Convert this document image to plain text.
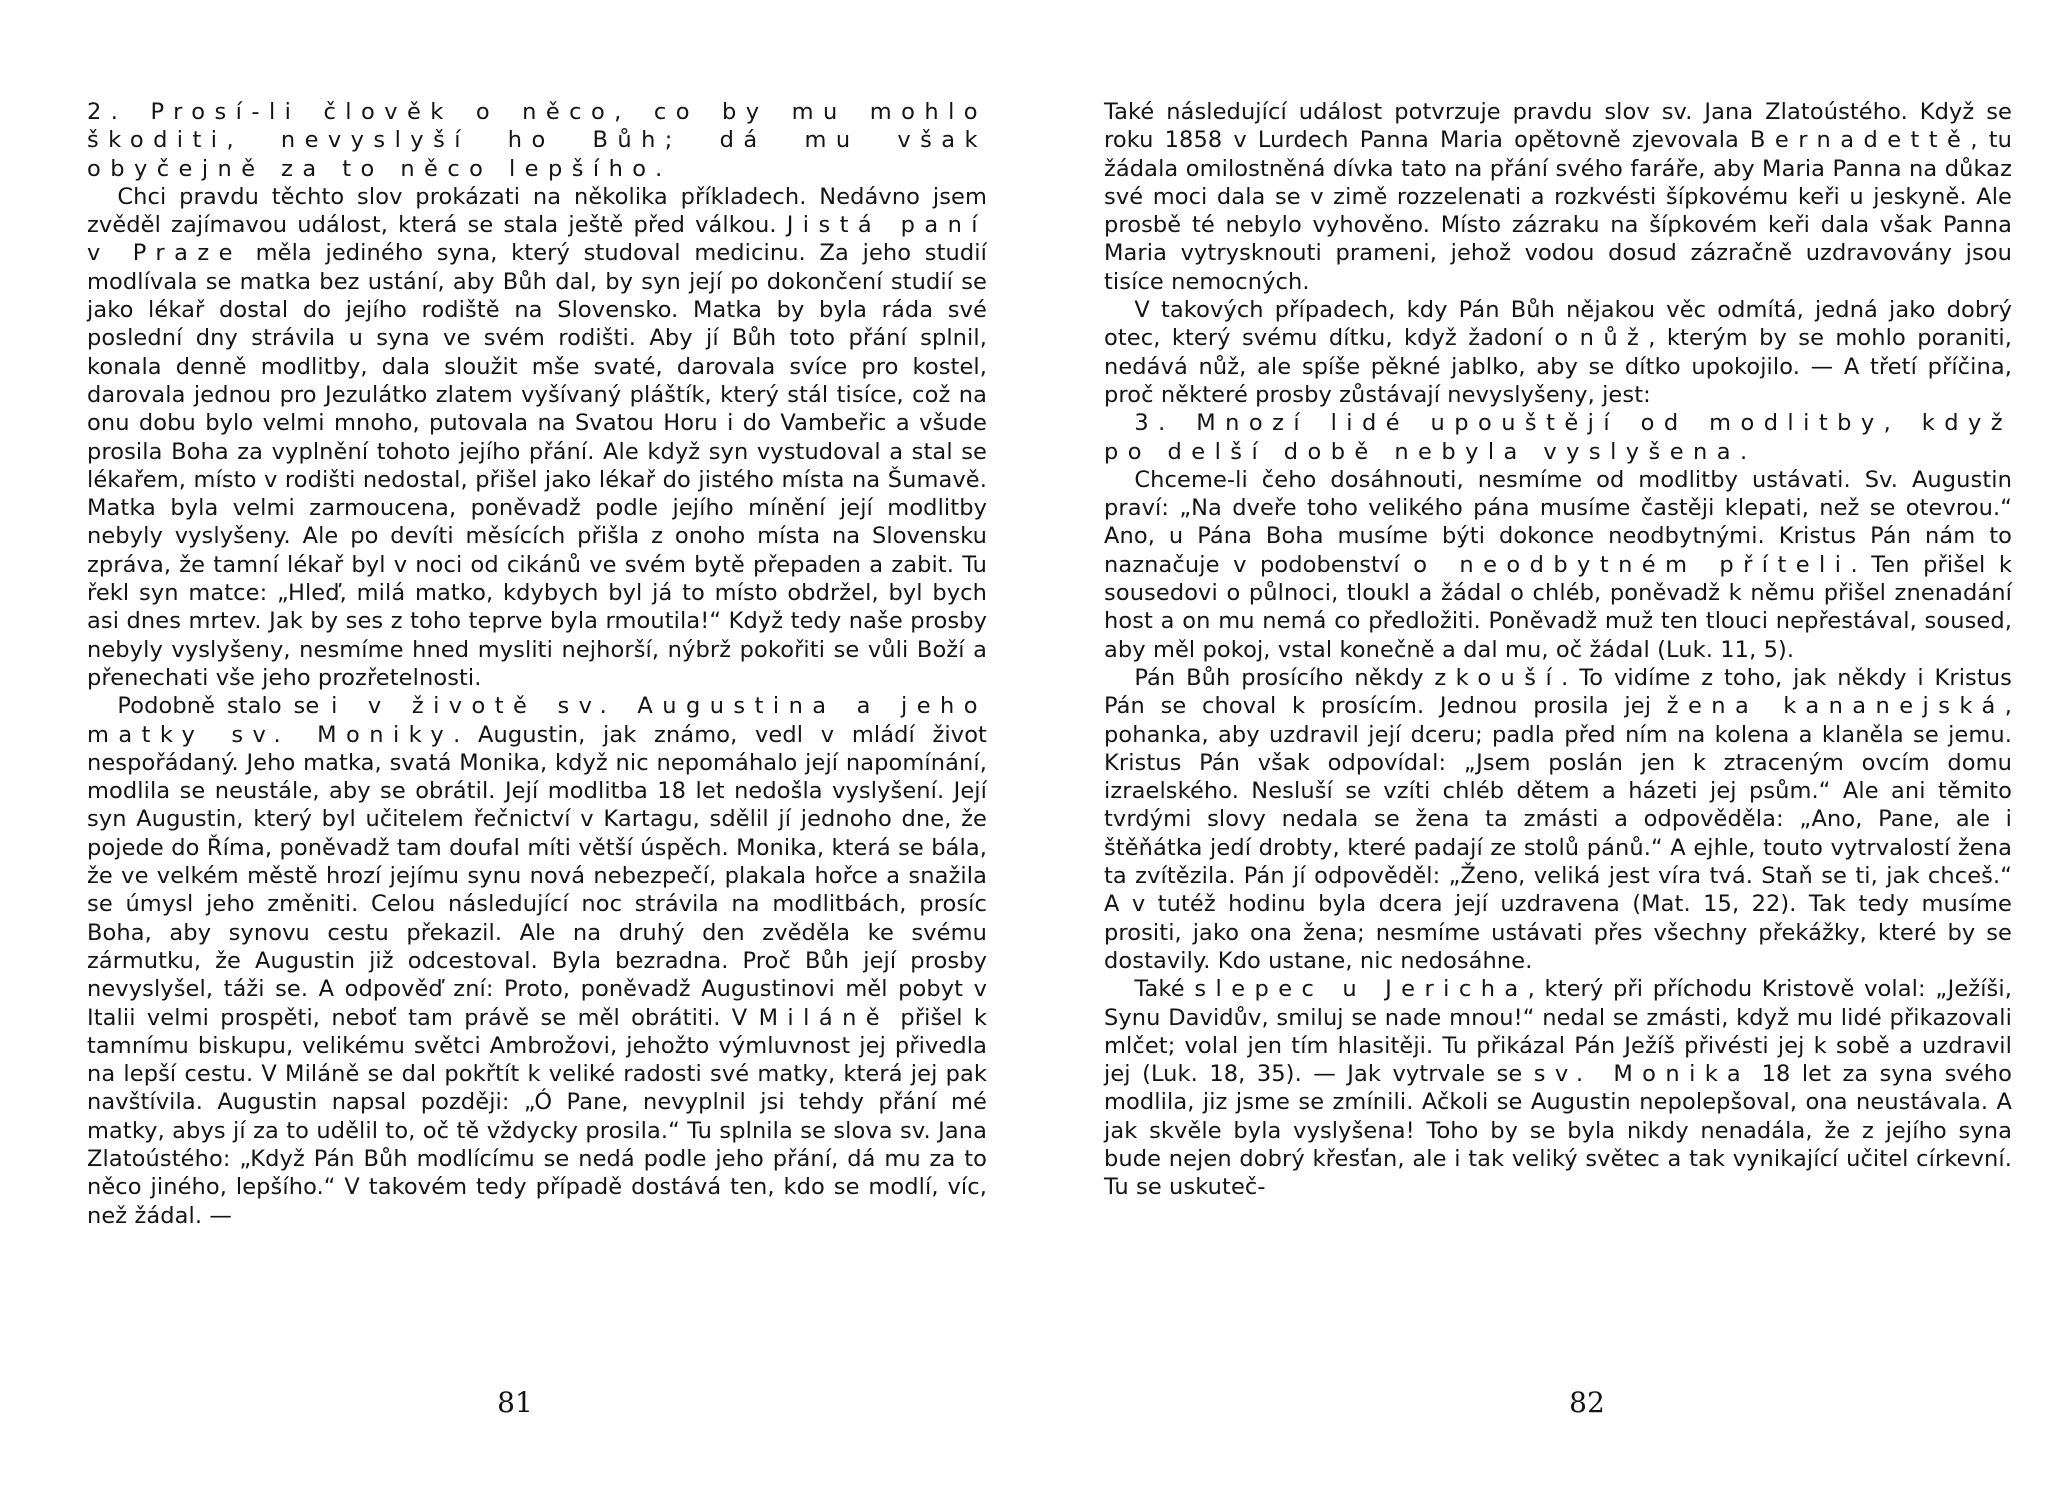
2. Prosí-li člověk o něco, co by mu mohlo škoditi, nevyslyší ho Bůh; dá mu však obyčejně za to něco lepšího.

Chci pravdu těchto slov prokázati na několika příkladech. Nedávno jsem zvěděl zajímavou událost, která se stala ještě před válkou. Jistá paní v Praze měla jediného syna, který studoval medicinu. Za jeho studií modlívala se matka bez ustání, aby Bůh dal, by syn její po dokončení studií se jako lékař dostal do jejího rodiště na Slovensko. Matka by byla ráda své poslední dny strávila u syna ve svém rodišti. Aby jí Bůh toto přání splnil, konala denně modlitby, dala sloužit mše svaté, darovala svíce pro kostel, darovala jednou pro Jezulátko zlatem vyšívaný pláštík, který stál tisíce, což na onu dobu bylo velmi mnoho, putovala na Svatou Horu i do Vambeřic a všude prosila Boha za vyplnění tohoto jejího přání. Ale když syn vystudoval a stal se lékařem, místo v rodišti nedostal, přišel jako lékař do jistého místa na Šumavě. Matka byla velmi zarmoucena, poněvadž podle jejího mínění její modlitby nebyly vyslyšeny. Ale po devíti měsících přišla z onoho místa na Slovensku zpráva, že tamní lékař byl v noci od cikánů ve svém bytě přepaden a zabit. Tu řekl syn matce: „Hleď, milá matko, kdybych byl já to místo obdržel, byl bych asi dnes mrtev. Jak by ses z toho teprve byla rmoutila!“ Když tedy naše prosby nebyly vyslyšeny, nesmíme hned mysliti nejhorší, nýbrž pokořiti se vůli Boží a přenechati vše jeho prozřetelnosti.

Podobně stalo se i v životě sv. Augustina a jeho matky sv. Moniky. Augustin, jak známo, vedl v mládí život nespořádaný. Jeho matka, svatá Monika, když nic nepomáhalo její napomínání, modlila se neustále, aby se obrátil. Její modlitba 18 let nedošla vyslyšení. Její syn Augustin, který byl učitelem řečnictví v Kartagu, sdělil jí jednoho dne, že pojede do Říma, poněvadž tam doufal míti větší úspěch. Monika, která se bála, že ve velkém městě hrozí jejímu synu nová nebezpečí, plakala hořce a snažila se úmysl jeho změniti. Celou následující noc strávila na modlitbách, prosíc Boha, aby synovu cestu překazil. Ale na druhý den zvěděla ke svému zármutku, že Augustin již odcestoval. Byla bezradna. Proč Bůh její prosby nevyslyšel, táži se. A odpověď zní: Proto, poněvadž Augustinovi měl pobyt v Italii velmi prospěti, neboť tam právě se měl obrátiti. V Miláně přišel k tamnímu biskupu, velikému světci Ambrožovi, jehožto výmluvnost jej přivedla na lepší cestu. V Miláně se dal pokřtít k veliké radosti své matky, která jej pak navštívila. Augustin napsal později: „Ó Pane, nevyplnil jsi tehdy přání mé matky, abys jí za to udělil to, oč tě vždycky prosila.“ Tu splnila se slova sv. Jana Zlatoústého: „Když Pán Bůh modlícímu se nedá podle jeho přání, dá mu za to něco jiného, lepšího.“ V takovém tedy případě dostává ten, kdo se modlí, víc, než žádal. —

81

Také následující událost potvrzuje pravdu slov sv. Jana Zlatoústého. Když se roku 1858 v Lurdech Panna Maria opětovně zjevovala Bernadettě, tu žádala omilostněná dívka tato na přání svého faráře, aby Maria Panna na důkaz své moci dala se v zimě rozzelenati a rozkvésti šípkovému keři u jeskyně. Ale prosbě té nebylo vyhověno. Místo zázraku na šípkovém keři dala však Panna Maria vytrysknouti prameni, jehož vodou dosud zázračně uzdravovány jsou tisíce nemocných.

V takových případech, kdy Pán Bůh nějakou věc odmítá, jedná jako dobrý otec, který svému dítku, když žadoní o nůž, kterým by se mohlo poraniti, nedává nůž, ale spíše pěkné jablko, aby se dítko upokojilo. — A třetí příčina, proč některé prosby zůstávají nevyslyšeny, jest:

3. Mnozí lidé upouštějí od modlitby, když po delší době nebyla vyslyšena.

Chceme-li čeho dosáhnouti, nesmíme od modlitby ustávati. Sv. Augustin praví: „Na dveře toho velikého pána musíme častěji klepati, než se otevrou.“ Ano, u Pána Boha musíme býti dokonce neodbytnými. Kristus Pán nám to naznačuje v podobenství o neodbytném příteli. Ten přišel k sousedovi o půlnoci, tloukl a žádal o chléb, poněvadž k němu přišel znenadání host a on mu nemá co předložiti. Poněvadž muž ten tlouci nepřestával, soused, aby měl pokoj, vstal konečně a dal mu, oč žádal (Luk. 11, 5).

Pán Bůh prosícího někdy zkouší. To vidíme z toho, jak někdy i Kristus Pán se choval k prosícím. Jednou prosila jej žena kananejská, pohanka, aby uzdravil její dceru; padla před ním na kolena a klaněla se jemu. Kristus Pán však odpovídal: „Jsem poslán jen k ztraceným ovcím domu izraelského. Nesluší se vzíti chléb dětem a házeti jej psům.“ Ale ani těmito tvrdými slovy nedala se žena ta zmásti a odpověděla: „Ano, Pane, ale i štěňátka jedí drobty, které padají ze stolů pánů.“ A ejhle, touto vytrvalostí žena ta zvítězila. Pán jí odpověděl: „Ženo, veliká jest víra tvá. Staň se ti, jak chceš.“ A v tutéž hodinu byla dcera její uzdravena (Mat. 15, 22). Tak tedy musíme prositi, jako ona žena; nesmíme ustávati přes všechny překážky, které by se dostavily. Kdo ustane, nic nedosáhne.

Také slepec u Jericha, který při příchodu Kristově volal: „Ježíši, Synu Davidův, smiluj se nade mnou!“ nedal se zmásti, když mu lidé přikazovali mlčet; volal jen tím hlasitěji. Tu přikázal Pán Ježíš přivésti jej k sobě a uzdravil jej (Luk. 18, 35). — Jak vytrvale se sv. Monika 18 let za syna svého modlila, jiz jsme se zmínili. Ačkoli se Augustin nepolepšoval, ona neustávala. A jak skvěle byla vyslyšena! Toho by se byla nikdy nenadála, že z jejího syna bude nejen dobrý křesťan, ale i tak veliký světec a tak vynikající učitel církevní. Tu se uskuteč-

82
